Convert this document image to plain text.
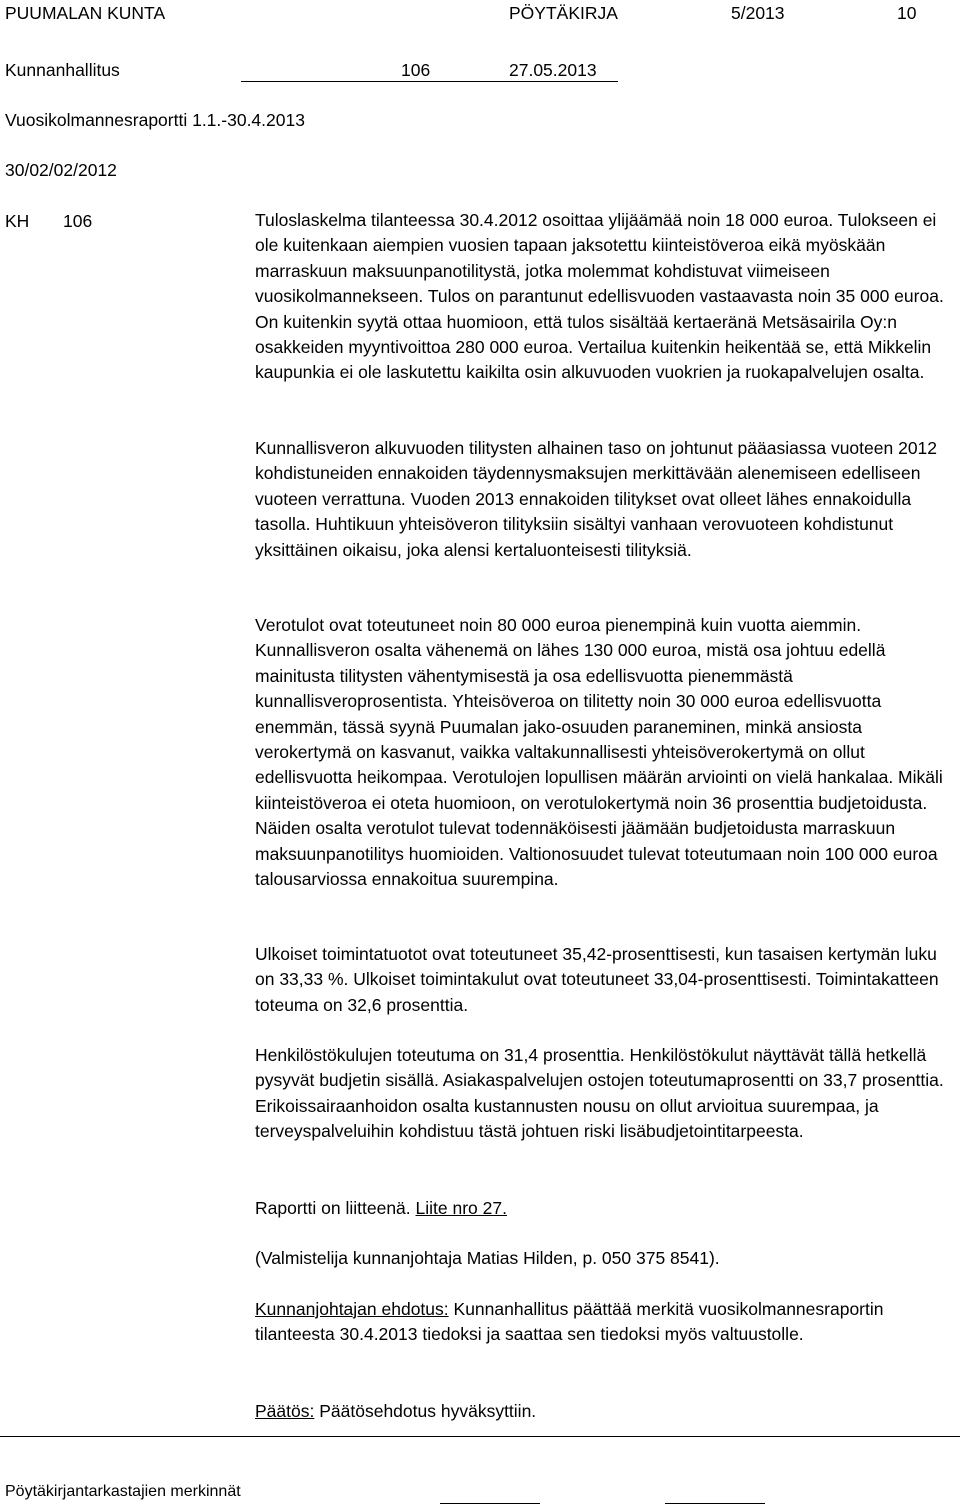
PUUMALAN KUNTA	PÖYTÄKIRJA	5/2013	10
Kunnanhallitus	106	27.05.2013
Vuosikolmannesraportti 1.1.-30.4.2013
30/02/02/2012
KH 106	Tuloslaskelma tilanteessa 30.4.2012 osoittaa ylijäämää noin 18 000 euroa. Tulokseen ei ole kuitenkaan aiempien vuosien tapaan jaksotettu kiinteistöveroa eikä myöskään marraskuun maksuunpanotilitystä, jotka molemmat kohdistuvat viimeiseen vuosikolmannekseen. Tulos on parantunut edellisvuoden vastaavasta noin 35 000 euroa. On kuitenkin syytä ottaa huomioon, että tulos sisältää kertaeränä Metsäsairila Oy:n osakkeiden myyntivoittoa 280 000 euroa. Vertailua kuitenkin heikentää se, että Mikkelin kaupunkia ei ole laskutettu kaikilta osin alkuvuoden vuokrien ja ruokapalvelujen osalta.

Kunnallisveron alkuvuoden tilitysten alhainen taso on johtunut pääasiassa vuoteen 2012 kohdistuneiden ennakoiden täydennysmaksujen merkittävään alenemiseen edelliseen vuoteen verrattuna. Vuoden 2013 ennakoiden tilitykset ovat olleet lähes ennakoidulla tasolla. Huhtikuun yhteisöveron tilityksiin sisältyi vanhaan verovuoteen kohdistunut yksittäinen oikaisu, joka alensi kertaluonteisesti tilityksiä.

Verotulot ovat toteutuneet noin 80 000 euroa pienempinä kuin vuotta aiemmin. Kunnallisveron osalta vähenemä on lähes 130 000 euroa, mistä osa johtuu edellä mainitusta tilitysten vähentymisestä ja osa edellisvuotta pienemmästä kunnallisveroprosentista. Yhteisöveroa on tilitetty noin 30 000 euroa edellisvuotta enemmän, tässä syynä Puumalan jako-osuuden paraneminen, minkä ansiosta verokertymä on kasvanut, vaikka valtakunnallisesti yhteisöverokertymä on ollut edellisvuotta heikompaa. Verotulojen lopullisen määrän arviointi on vielä hankalaa. Mikäli kiinteistöveroa ei oteta huomioon, on verotulokertymä noin 36 prosenttia budjetoidusta. Näiden osalta verotulot tulevat todennäköisesti jäämään budjetoidusta marraskuun maksuunpanotilitys huomioiden. Valtionosuudet tulevat toteutumaan noin 100 000 euroa talousarviossa ennakoitua suurempina.

Ulkoiset toimintatuotot ovat toteutuneet 35,42-prosenttisesti, kun tasaisen kertymän luku on 33,33 %. Ulkoiset toimintakulut ovat toteutuneet 33,04-prosenttisesti. Toimintakatteen toteuma on 32,6 prosenttia.

Henkilöstökulujen toteutuma on 31,4 prosenttia. Henkilöstökulut näyttävät tällä hetkellä pysyvät budjetin sisällä. Asiakaspalvelujen ostojen toteutumaprosentti on 33,7 prosenttia. Erikoissairaanhoidon osalta kustannusten nousu on ollut arvioitua suurempaa, ja terveyspalveluihin kohdistuu tästä johtuen riski lisäbudjetointitarpeesta.

Raportti on liitteenä. Liite nro 27.

(Valmistelija kunnanjohtaja Matias Hilden, p. 050 375 8541).

Kunnanjohtajan ehdotus: Kunnanhallitus päättää merkitä vuosikolmannesraportin tilanteesta 30.4.2013 tiedoksi ja saattaa sen tiedoksi myös valtuustolle.

Päätös: Päätösehdotus hyväksyttiin.

Pöytäkirjantarkastajien merkinnät
